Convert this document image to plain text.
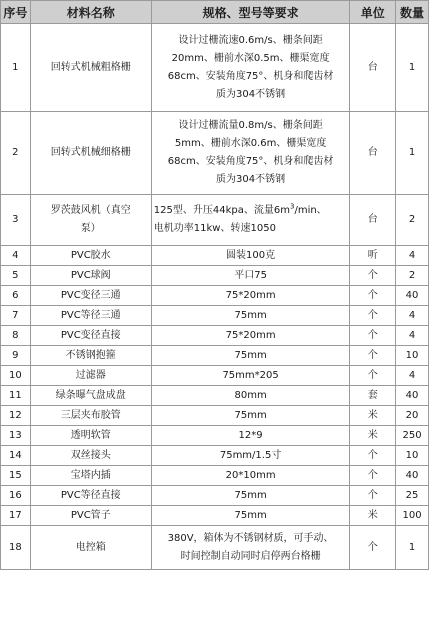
序号	材料名称	规格、型号等要求	单位	数量
1	回转式机械粗格栅	设计过栅流速0.6m/s、栅条间距
20mm、栅前水深0.5m、栅渠宽度
68cm、安装角度75°、机身和爬齿材
质为304不锈钢	台	1
2	回转式机械细格栅	设计过栅流量0.8m/s、栅条间距
5mm、栅前水深0.6m、栅渠宽度
68cm、安装角度75°、机身和爬齿材
质为304不锈钢	台	1
3	罗茨鼓风机（真空
泵）	125型、升压44kpa、流量$6m^3/\min$、
电机功率11kw、转速1050	台	2
4	PVC胶水	圆装100克	听	4
5	PVC球阀	平口75	个	2
6	PVC变径三通	75*20mm	个	40
7	PVC等径三通	75mm	个	4
8	PVC变径直接	75*20mm	个	4
9	不锈钢抱箍	75mm	个	10
10	过滤器	75mm*205	个	4
11	绿条曝气盘成盘	80mm	套	40
12	三层夹布胶管	75mm	米	20
13	透明软管	12*9	米	250
14	双丝接头	75mm/1.5寸	个	10
15	宝塔内插	20*10mm	个	40
16	PVC等径直接	75mm	个	25
17	PVC管子	75mm	米	100
18	电控箱	380V，箱体为不锈钢材质，可手动、
时间控制自动同时启停两台格栅	个	1
